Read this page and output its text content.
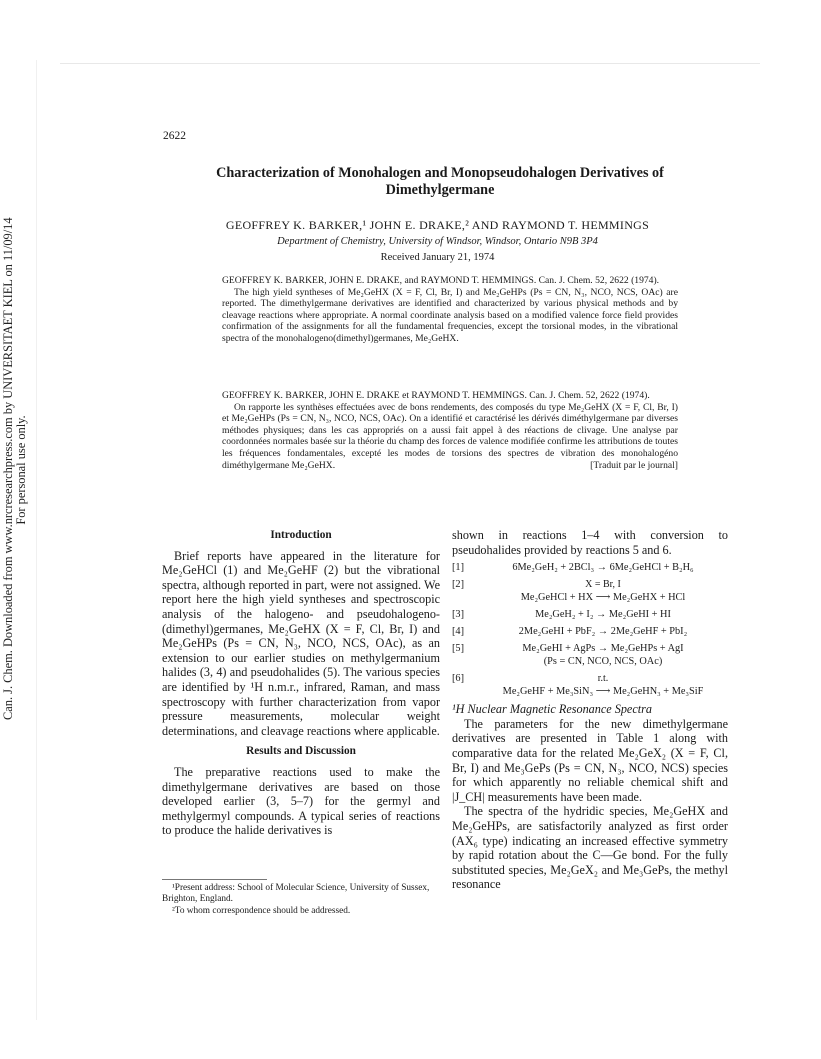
Can. J. Chem. Downloaded from www.nrcresearchpress.com by UNIVERSITAET KIEL on 11/09/14
For personal use only.
2622
Characterization of Monohalogen and Monopseudohalogen Derivatives of Dimethylgermane
GEOFFREY K. BARKER,¹ JOHN E. DRAKE,² AND RAYMOND T. HEMMINGS
Department of Chemistry, University of Windsor, Windsor, Ontario N9B 3P4
Received January 21, 1974
GEOFFREY K. BARKER, JOHN E. DRAKE, and RAYMOND T. HEMMINGS. Can. J. Chem. 52, 2622 (1974).

The high yield syntheses of Me₂GeHX (X = F, Cl, Br, I) and Me₂GeHPs (Ps = CN, N₃, NCO, NCS, OAc) are reported. The dimethylgermane derivatives are identified and characterized by various physical methods and by cleavage reactions where appropriate. A normal coordinate analysis based on a modified valence force field provides confirmation of the assignments for all the fundamental frequencies, except the torsional modes, in the vibrational spectra of the monohalogeno(dimethyl)germanes, Me₂GeHX.

GEOFFREY K. BARKER, JOHN E. DRAKE et RAYMOND T. HEMMINGS. Can. J. Chem. 52, 2622 (1974).

On rapporte les synthèses effectuées avec de bons rendements, des composés du type Me₂GeHX (X = F, Cl, Br, I) et Me₂GeHPs (Ps = CN, N₃, NCO, NCS, OAc). On a identifié et caractérisé les dérivés diméthylgermane par diverses méthodes physiques; dans les cas appropriés on a aussi fait appel à des réactions de clivage. Une analyse par coordonnées normales basée sur la théorie du champ des forces de valence modifiée confirme les attributions de toutes les fréquences fondamentales, excepté les modes de torsions des spectres de vibration des monohalogéno diméthylgermane Me₂GeHX.	[Traduit par le journal]

Introduction

Brief reports have appeared in the literature for Me₂GeHCl (1) and Me₂GeHF (2) but the vibrational spectra, although reported in part, were not assigned. We report here the high yield syntheses and spectroscopic analysis of the halogeno- and pseudohalogeno-(dimethyl)germanes, Me₂GeHX (X = F, Cl, Br, I) and Me₂GeHPs (Ps = CN, N₃, NCO, NCS, OAc), as an extension to our earlier studies on methylgermanium halides (3, 4) and pseudohalides (5). The various species are identified by ¹H n.m.r., infrared, Raman, and mass spectroscopy with further characterization from vapor pressure measurements, molecular weight determinations, and cleavage reactions where applicable.

Results and Discussion

The preparative reactions used to make the dimethylgermane derivatives are based on those developed earlier (3, 5–7) for the germyl and methylgermyl compounds. A typical series of reactions to produce the halide derivatives is

¹Present address: School of Molecular Science, University of Sussex, Brighton, England.

²To whom correspondence should be addressed.

shown in reactions 1–4 with conversion to pseudohalides provided by reactions 5 and 6.

[1]	6Me₂GeH₂ + 2BCl₃ → 6Me₂GeHCl + B₂H₆
[2]	X = Br, I
Me₂GeHCl + HX ⟶ Me₂GeHX + HCl
[3]	Me₂GeH₂ + I₂ → Me₂GeHI + HI
[4]	2Me₂GeHI + PbF₂ → 2Me₂GeHF + PbI₂
[5]	Me₂GeHI + AgPs → Me₂GeHPs + AgI
(Ps = CN, NCO, NCS, OAc)
[6]	r.t.
Me₂GeHF + Me₃SiN₃ ⟶ Me₂GeHN₃ + Me₃SiF
¹H Nuclear Magnetic Resonance Spectra

The parameters for the new dimethylgermane derivatives are presented in Table 1 along with comparative data for the related Me₂GeX₂ (X = F, Cl, Br, I) and Me₃GePs (Ps = CN, N₃, NCO, NCS) species for which apparently no reliable chemical shift and |J_CH| measurements have been made.

The spectra of the hydridic species, Me₂GeHX and Me₂GeHPs, are satisfactorily analyzed as first order (AX₆ type) indicating an increased effective symmetry by rapid rotation about the C—Ge bond. For the fully substituted species, Me₂GeX₂ and Me₃GePs, the methyl resonance
